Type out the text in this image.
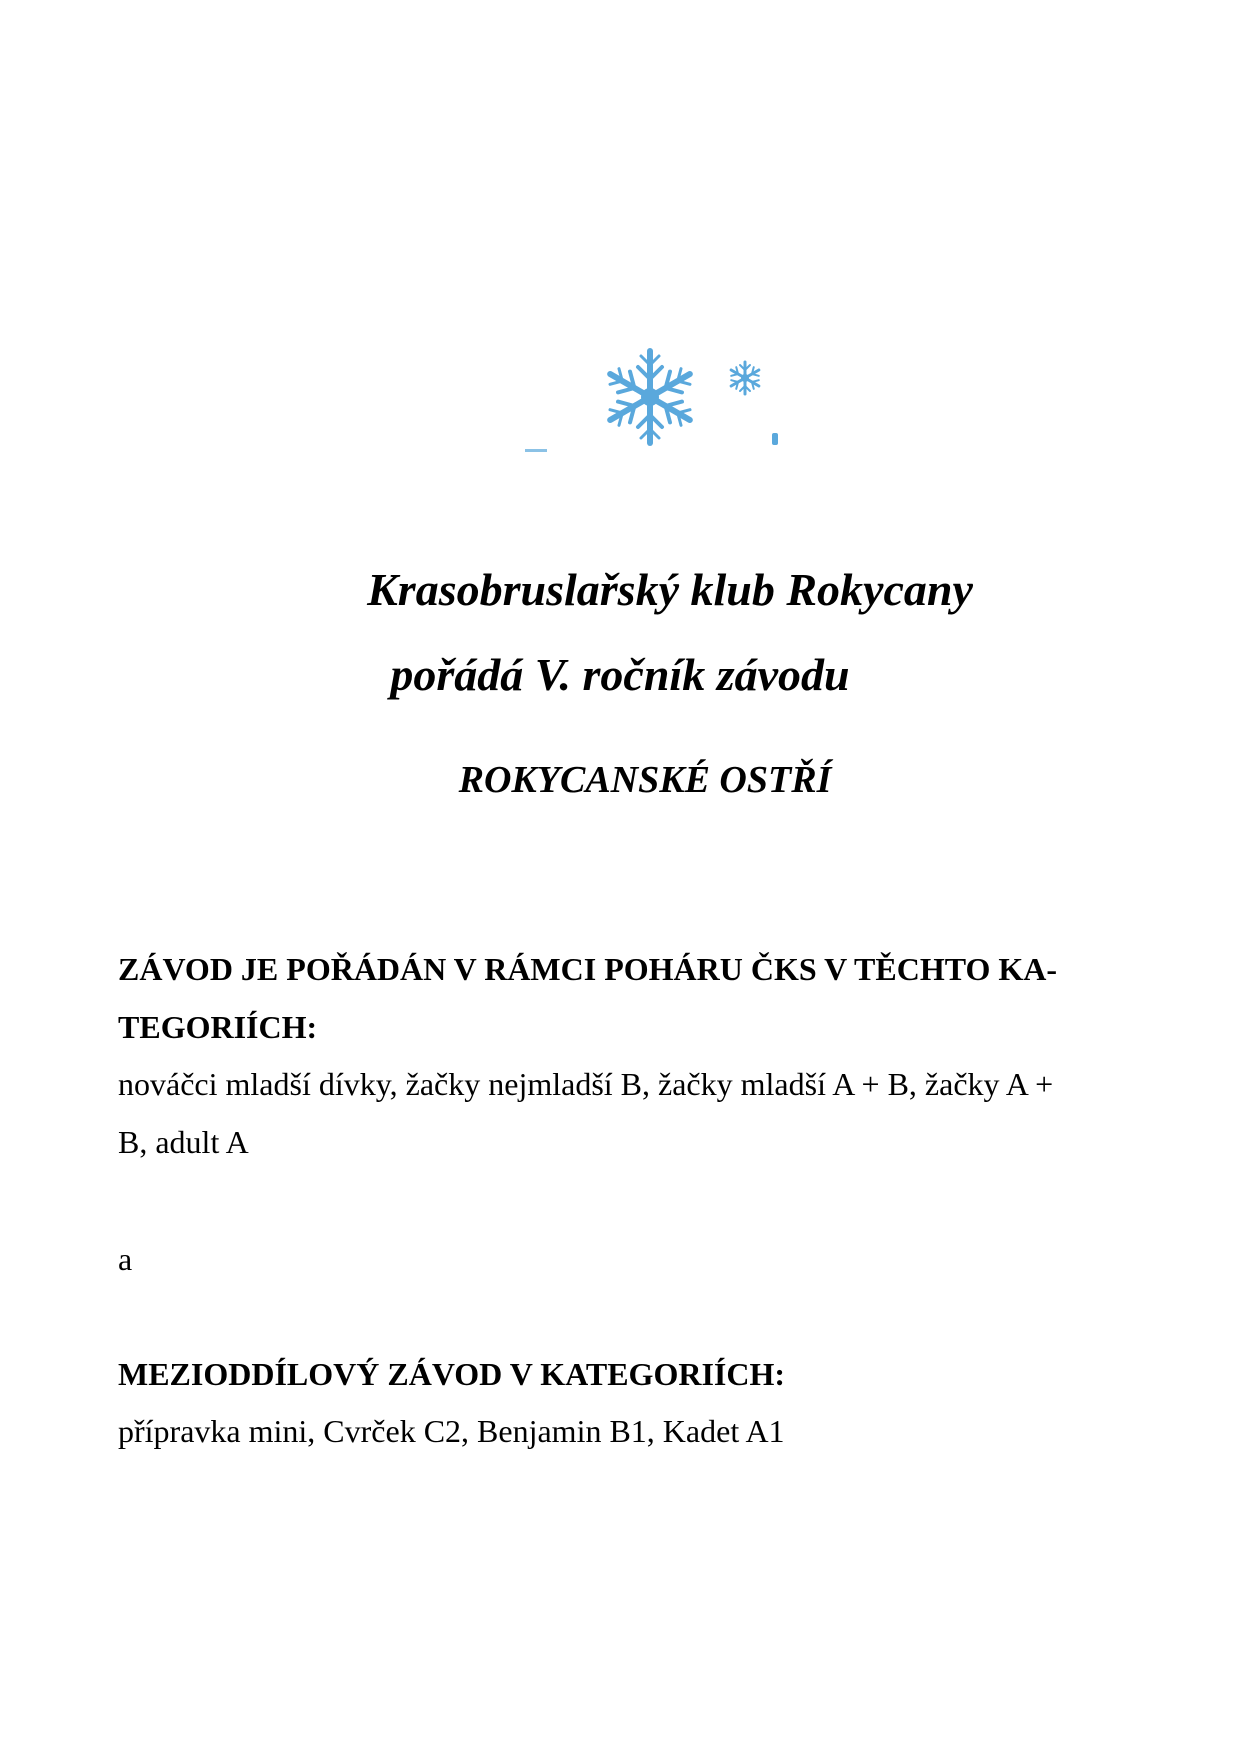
Krasobruslařský klub Rokycany
pořádá V. ročník závodu
ROKYCANSKÉ OSTŘÍ
ZÁVOD JE POŘÁDÁN V RÁMCI POHÁRU ČKS V TĚCHTO KA-
TEGORIÍCH:
nováčci mladší dívky, žačky nejmladší B, žačky mladší A + B, žačky A +
B, adult A
a
MEZIODDÍLOVÝ ZÁVOD V KATEGORIÍCH:
přípravka mini, Cvrček C2, Benjamin B1, Kadet A1
